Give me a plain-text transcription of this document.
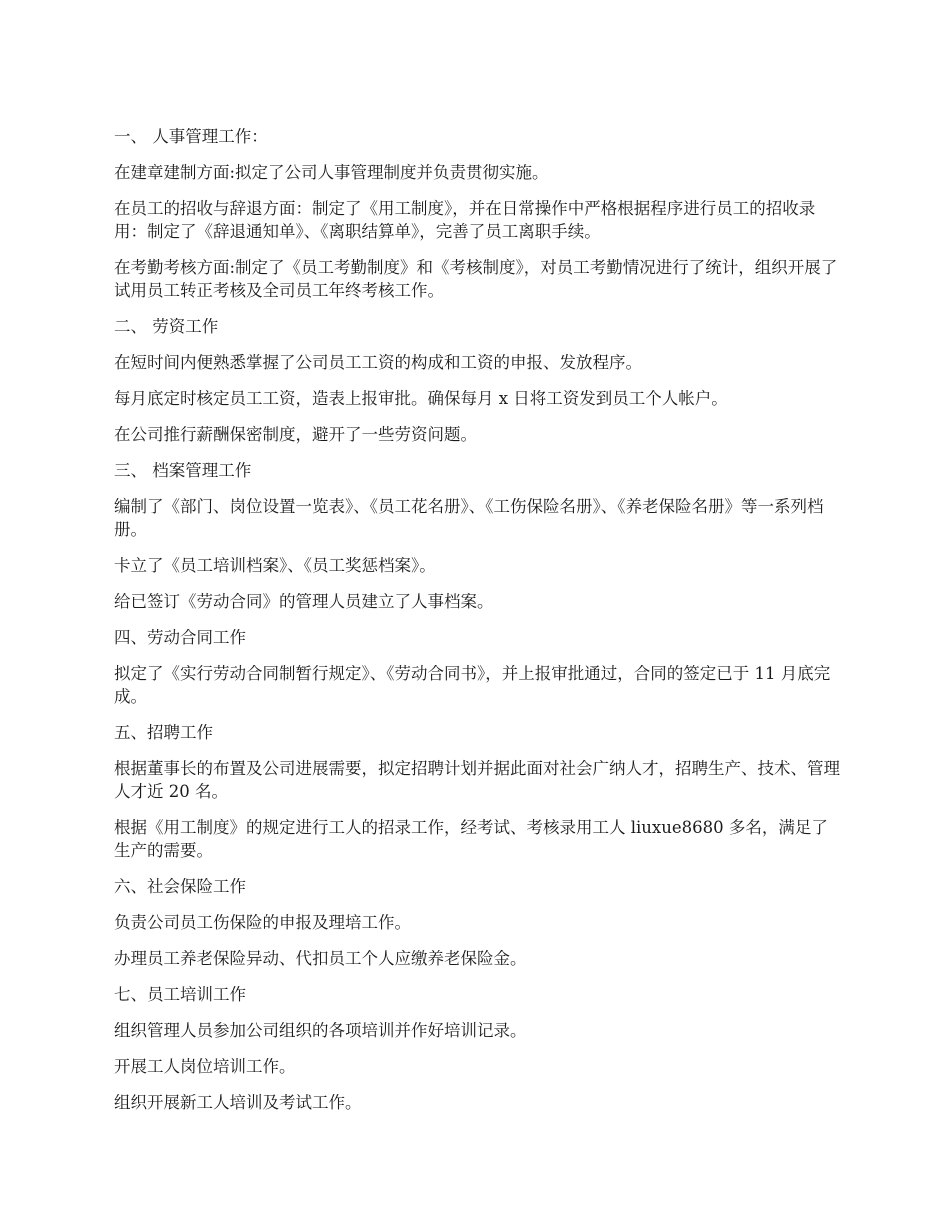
一、 人事管理工作：

在建章建制方面:拟定了公司人事管理制度并负责贯彻实施。

在员工的招收与辞退方面：制定了《用工制度》，并在日常操作中严格根据程序进行员工的招收录用：制定了《辞退通知单》、《离职结算单》，完善了员工离职手续。

在考勤考核方面:制定了《员工考勤制度》和《考核制度》，对员工考勤情况进行了统计，组织开展了试用员工转正考核及全司员工年终考核工作。

二、 劳资工作

在短时间内便熟悉掌握了公司员工工资的构成和工资的申报、发放程序。

每月底定时核定员工工资，造表上报审批。确保每月 x 日将工资发到员工个人帐户。

在公司推行薪酬保密制度，避开了一些劳资问题。

三、 档案管理工作

编制了《部门、岗位设置一览表》、《员工花名册》、《工伤保险名册》、《养老保险名册》等一系列档册。

卡立了《员工培训档案》、《员工奖惩档案》。

给已签订《劳动合同》的管理人员建立了人事档案。

四、劳动合同工作

拟定了《实行劳动合同制暂行规定》、《劳动合同书》，并上报审批通过，合同的签定已于 11 月底完成。

五、招聘工作

根据董事长的布置及公司进展需要，拟定招聘计划并据此面对社会广纳人才，招聘生产、技术、管理人才近 20 名。

根据《用工制度》的规定进行工人的招录工作，经考试、考核录用工人 liuxue8680 多名，满足了生产的需要。

六、社会保险工作

负责公司员工伤保险的申报及理培工作。

办理员工养老保险异动、代扣员工个人应缴养老保险金。

七、员工培训工作

组织管理人员参加公司组织的各项培训并作好培训记录。

开展工人岗位培训工作。

组织开展新工人培训及考试工作。
